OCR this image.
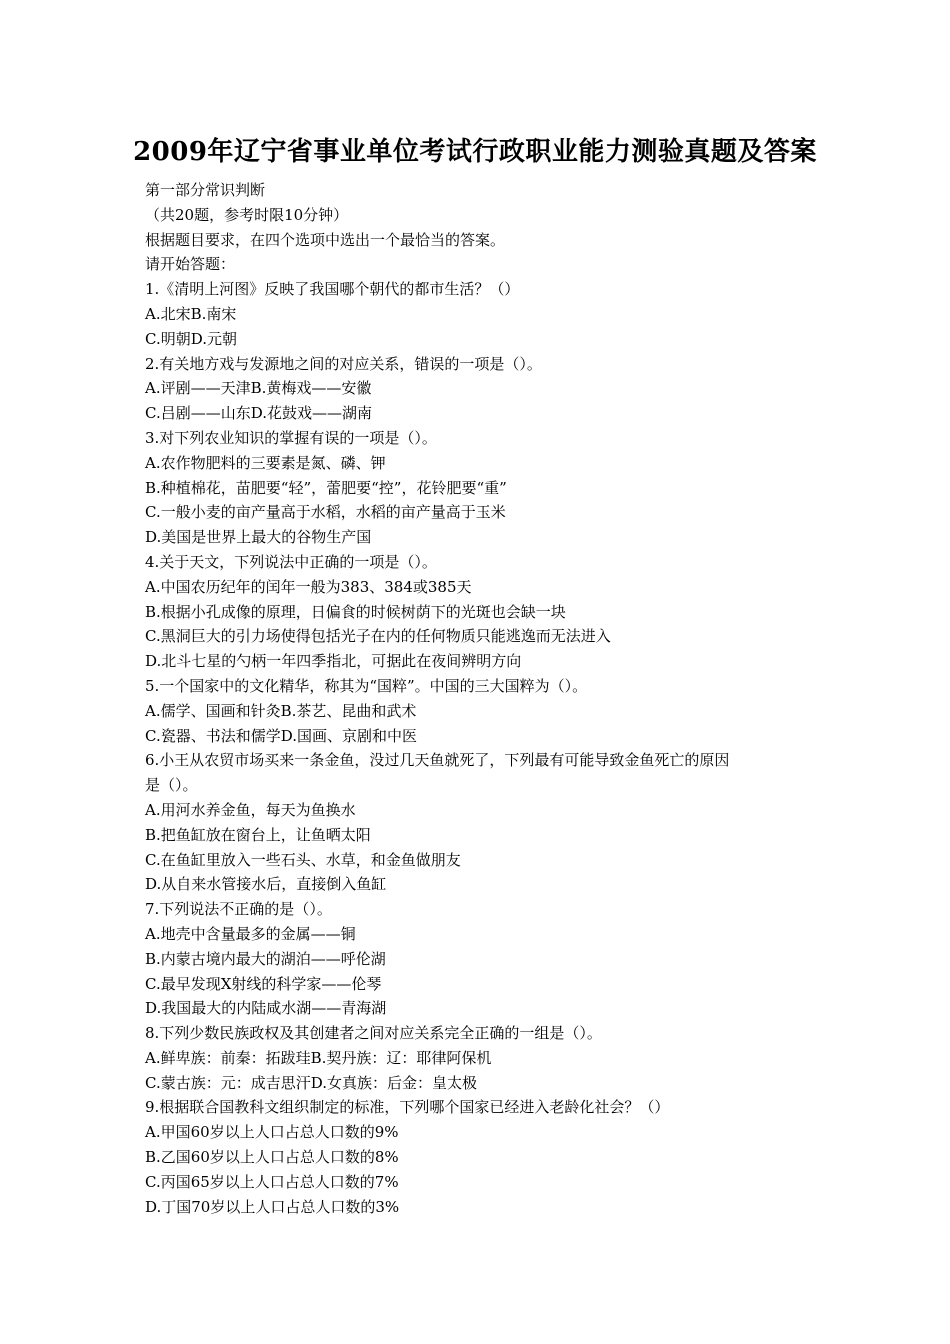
2009年辽宁省事业单位考试行政职业能力测验真题及答案
第一部分常识判断
（共20题，参考时限10分钟）
根据题目要求，在四个选项中选出一个最恰当的答案。
请开始答题：
1.《清明上河图》反映了我国哪个朝代的都市生活？（）
A.北宋B.南宋
C.明朝D.元朝
2.有关地方戏与发源地之间的对应关系，错误的一项是（）。
A.评剧——天津B.黄梅戏——安徽
C.吕剧——山东D.花鼓戏——湖南
3.对下列农业知识的掌握有误的一项是（）。
A.农作物肥料的三要素是氮、磷、钾
B.种植棉花，苗肥要“轻”，蕾肥要“控”，花铃肥要“重”
C.一般小麦的亩产量高于水稻，水稻的亩产量高于玉米
D.美国是世界上最大的谷物生产国
4.关于天文，下列说法中正确的一项是（）。
A.中国农历纪年的闰年一般为383、384或385天
B.根据小孔成像的原理，日偏食的时候树荫下的光斑也会缺一块
C.黑洞巨大的引力场使得包括光子在内的任何物质只能逃逸而无法进入
D.北斗七星的勺柄一年四季指北，可据此在夜间辨明方向
5.一个国家中的文化精华，称其为“国粹”。中国的三大国粹为（）。
A.儒学、国画和针灸B.茶艺、昆曲和武术
C.瓷器、书法和儒学D.国画、京剧和中医
6.小王从农贸市场买来一条金鱼，没过几天鱼就死了，下列最有可能导致金鱼死亡的原因
是（）。
A.用河水养金鱼，每天为鱼换水
B.把鱼缸放在窗台上，让鱼晒太阳
C.在鱼缸里放入一些石头、水草，和金鱼做朋友
D.从自来水管接水后，直接倒入鱼缸
7.下列说法不正确的是（）。
A.地壳中含量最多的金属——铜
B.内蒙古境内最大的湖泊——呼伦湖
C.最早发现X射线的科学家——伦琴
D.我国最大的内陆咸水湖——青海湖
8.下列少数民族政权及其创建者之间对应关系完全正确的一组是（）。
A.鲜卑族：前秦：拓跋珪B.契丹族：辽：耶律阿保机
C.蒙古族：元：成吉思汗D.女真族：后金：皇太极
9.根据联合国教科文组织制定的标准，下列哪个国家已经进入老龄化社会？（）
A.甲国60岁以上人口占总人口数的9%
B.乙国60岁以上人口占总人口数的8%
C.丙国65岁以上人口占总人口数的7%
D.丁国70岁以上人口占总人口数的3%
